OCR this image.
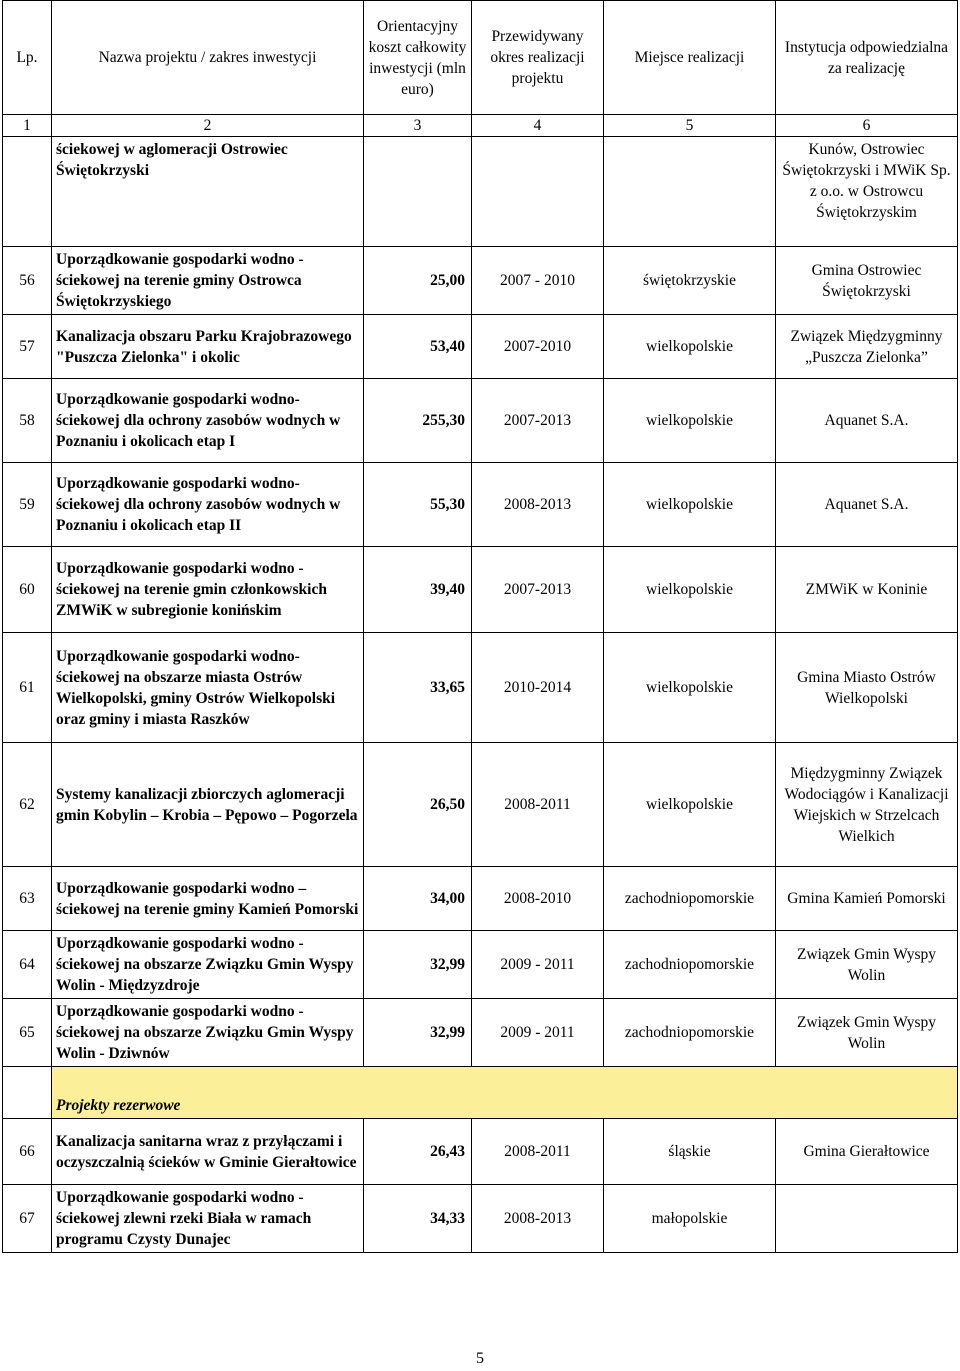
Lp.	Nazwa projektu / zakres inwestycji	Orientacyjny koszt całkowity inwestycji (mln euro)	Przewidywany okres realizacji projektu	Miejsce realizacji	Instytucja odpowiedzialna za realizację
1	2	3	4	5	6
	ściekowej w aglomeracji Ostrowiec Świętokrzyski				Kunów, Ostrowiec Świętokrzyski i MWiK Sp. z o.o. w Ostrowcu Świętokrzyskim
56	Uporządkowanie gospodarki wodno - ściekowej na terenie gminy Ostrowca Świętokrzyskiego	25,00	2007 - 2010	świętokrzyskie	Gmina Ostrowiec Świętokrzyski
57	Kanalizacja obszaru Parku Krajobrazowego "Puszcza Zielonka" i okolic	53,40	2007-2010	wielkopolskie	Związek Międzygminny „Puszcza Zielonka”
58	Uporządkowanie gospodarki wodno-ściekowej dla ochrony zasobów wodnych w Poznaniu i okolicach etap I	255,30	2007-2013	wielkopolskie	Aquanet S.A.
59	Uporządkowanie gospodarki wodno-ściekowej dla ochrony zasobów wodnych w Poznaniu i okolicach etap II	55,30	2008-2013	wielkopolskie	Aquanet S.A.
60	Uporządkowanie gospodarki wodno - ściekowej na terenie gmin członkowskich ZMWiK w subregionie konińskim	39,40	2007-2013	wielkopolskie	ZMWiK w Koninie
61	Uporządkowanie gospodarki wodno-ściekowej na obszarze miasta Ostrów Wielkopolski, gminy Ostrów Wielkopolski oraz gminy i miasta Raszków	33,65	2010-2014	wielkopolskie	Gmina Miasto Ostrów Wielkopolski
62	Systemy kanalizacji zbiorczych aglomeracji gmin Kobylin – Krobia – Pępowo – Pogorzela	26,50	2008-2011	wielkopolskie	Międzygminny Związek Wodociągów i Kanalizacji Wiejskich w Strzelcach Wielkich
63	Uporządkowanie gospodarki wodno – ściekowej na terenie gminy Kamień Pomorski	34,00	2008-2010	zachodniopomorskie	Gmina Kamień Pomorski
64	Uporządkowanie gospodarki wodno - ściekowej na obszarze Związku Gmin Wyspy Wolin - Międzyzdroje	32,99	2009 - 2011	zachodniopomorskie	Związek Gmin Wyspy Wolin
65	Uporządkowanie gospodarki wodno - ściekowej na obszarze Związku Gmin Wyspy Wolin - Dziwnów	32,99	2009 - 2011	zachodniopomorskie	Związek Gmin Wyspy Wolin
	Projekty rezerwowe				
66	Kanalizacja sanitarna wraz z przyłączami i oczyszczalnią ścieków w Gminie Gierałtowice	26,43	2008-2011	śląskie	Gmina Gierałtowice
67	Uporządkowanie gospodarki wodno - ściekowej zlewni rzeki Biała w ramach programu Czysty Dunajec	34,33	2008-2013	małopolskie	
5
